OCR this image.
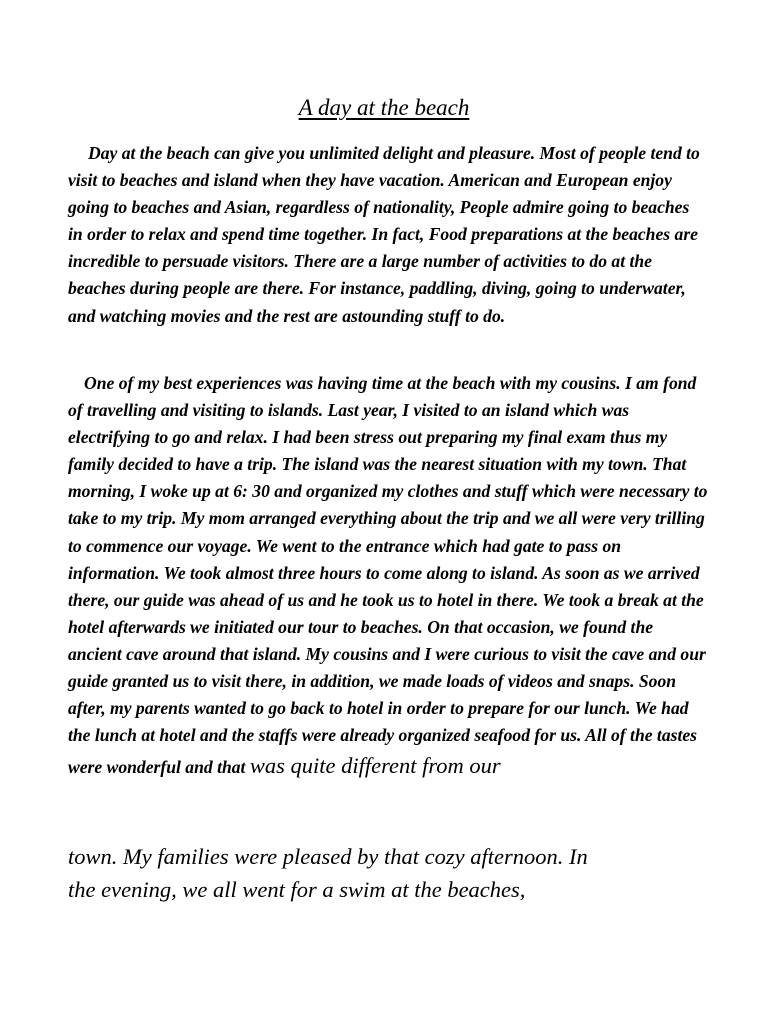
A day at the beach

Day at the beach can give you unlimited delight and pleasure. Most of people tend to visit to beaches and island when they have vacation. American and European enjoy going to beaches and Asian, regardless of nationality, People admire going to beaches in order to relax and spend time together. In fact, Food preparations at the beaches are incredible to persuade visitors. There are a large number of activities to do at the beaches during people are there. For instance, paddling, diving, going to underwater, and watching movies and the rest are astounding stuff to do.

One of my best experiences was having time at the beach with my cousins. I am fond of travelling and visiting to islands. Last year, I visited to an island which was electrifying to go and relax. I had been stress out preparing my final exam thus my family decided to have a trip. The island was the nearest situation with my town. That morning, I woke up at 6: 30 and organized my clothes and stuff which were necessary to take to my trip. My mom arranged everything about the trip and we all were very trilling to commence our voyage. We went to the entrance which had gate to pass on information. We took almost three hours to come along to island. As soon as we arrived there, our guide was ahead of us and he took us to hotel in there. We took a break at the hotel afterwards we initiated our tour to beaches. On that occasion, we found the ancient cave around that island. My cousins and I were curious to visit the cave and our guide granted us to visit there, in addition, we made loads of videos and snaps. Soon after, my parents wanted to go back to hotel in order to prepare for our lunch. We had the lunch at hotel and the staffs were already organized seafood for us. All of the tastes were wonderful and that was quite different from our

town. My families were pleased by that cozy afternoon. In

the evening, we all went for a swim at the beaches,
